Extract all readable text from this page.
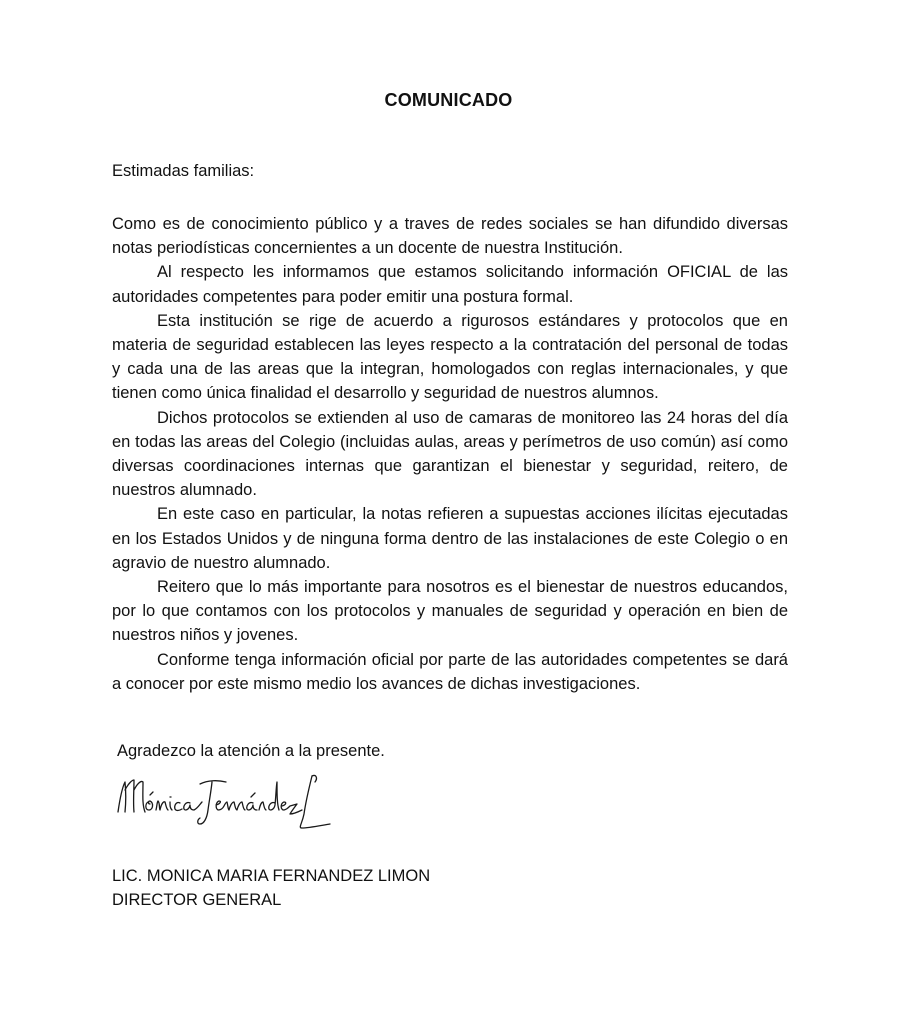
COMUNICADO
Estimadas familias:

Como es de conocimiento público y a traves de redes sociales se han difundido diversas notas periodísticas concernientes a un docente de nuestra Institución.

Al respecto les informamos que estamos solicitando información OFICIAL de las autoridades competentes para poder emitir una postura formal.

Esta institución se rige de acuerdo a rigurosos estándares y protocolos que en materia de seguridad establecen las leyes respecto a la contratación del personal de todas y cada una de las areas que la integran, homologados con reglas internacionales, y que tienen como única finalidad el desarrollo y seguridad de nuestros alumnos.

Dichos protocolos se extienden al uso de camaras de monitoreo las 24 horas del día en todas las areas del Colegio (incluidas aulas, areas y perímetros de uso común) así como diversas coordinaciones internas que garantizan el bienestar y seguridad, reitero, de nuestros alumnado.

En este caso en particular, la notas refieren a supuestas acciones ilícitas ejecutadas en los Estados Unidos y de ninguna forma dentro de las instalaciones de este Colegio o en agravio de nuestro alumnado.

Reitero que lo más importante para nosotros es el bienestar de nuestros educandos, por lo que contamos con los protocolos y manuales de seguridad y operación en bien de nuestros niños y jovenes.

Conforme tenga información oficial por parte de las autoridades competentes se dará a conocer por este mismo medio los avances de dichas investigaciones.

Agradezco la atención a la presente.
LIC. MONICA MARIA FERNANDEZ LIMON
DIRECTOR GENERAL
